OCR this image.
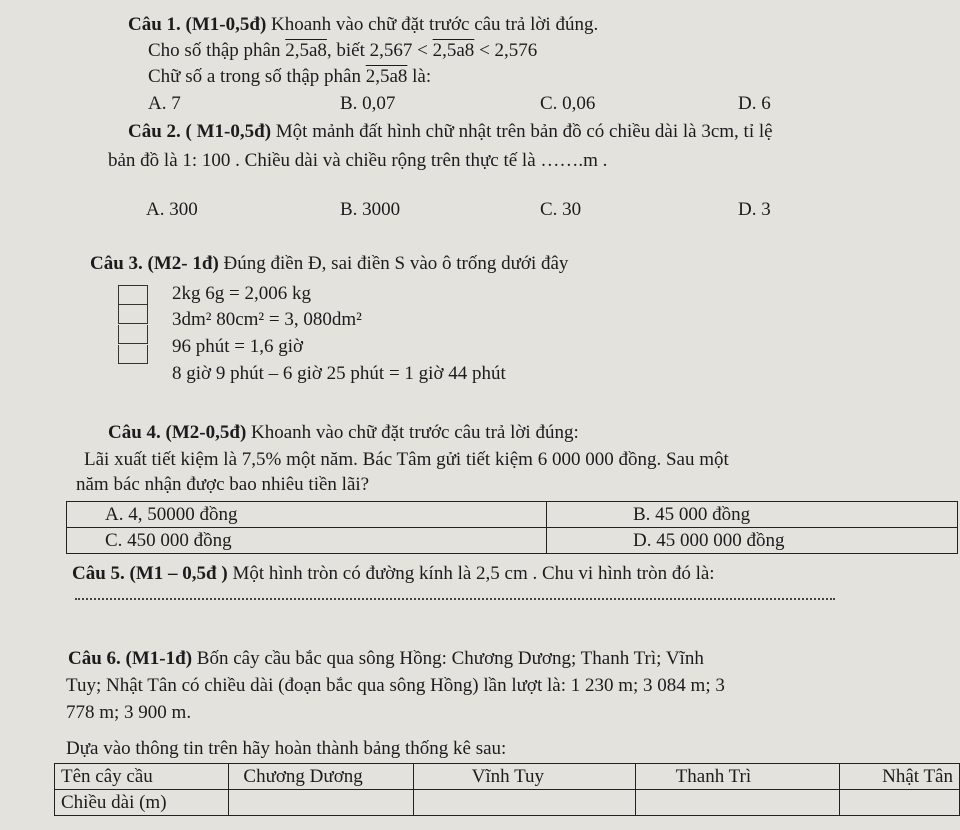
Câu 1. (M1-0,5đ) Khoanh vào chữ đặt trước câu trả lời đúng.
Cho số thập phân 2,5a8, biết 2,567 < 2,5a8 < 2,576
Chữ số a trong số thập phân 2,5a8 là:
A. 7	B. 0,07	C. 0,06	D. 6
Câu 2. ( M1-0,5đ) Một mảnh đất hình chữ nhật trên bản đồ có chiều dài là 3cm, tỉ lệ
bản đồ là 1: 100 . Chiều dài và chiều rộng trên thực tế là …….m .
A. 300	B. 3000	C. 30	D. 3
Câu 3. (M2- 1đ) Đúng điền Đ, sai điền S vào ô trống dưới đây
2kg 6g = 2,006 kg
3dm² 80cm² = 3, 080dm²
96 phút = 1,6 giờ
8 giờ 9 phút – 6 giờ 25 phút = 1 giờ 44 phút
Câu 4. (M2-0,5đ) Khoanh vào chữ đặt trước câu trả lời đúng:
Lãi xuất tiết kiệm là 7,5% một năm. Bác Tâm gửi tiết kiệm 6 000 000 đồng. Sau một
năm bác nhận được bao nhiêu tiền lãi?
A. 4, 50000 đồng	B. 45 000 đồng
C. 450 000 đồng	D. 45 000 000 đồng
Câu 5. (M1 – 0,5đ ) Một hình tròn có đường kính là 2,5 cm . Chu vi hình tròn đó là:
Câu 6. (M1-1đ) Bốn cây cầu bắc qua sông Hồng: Chương Dương; Thanh Trì; Vĩnh
Tuy; Nhật Tân có chiều dài (đoạn bắc qua sông Hồng) lần lượt là: 1 230 m; 3 084 m; 3
778 m; 3 900 m.
Dựa vào thông tin trên hãy hoàn thành bảng thống kê sau:
Tên cây cầu	Chương Dương	Vĩnh Tuy	Thanh Trì	Nhật Tân
Chiều dài (m)				
